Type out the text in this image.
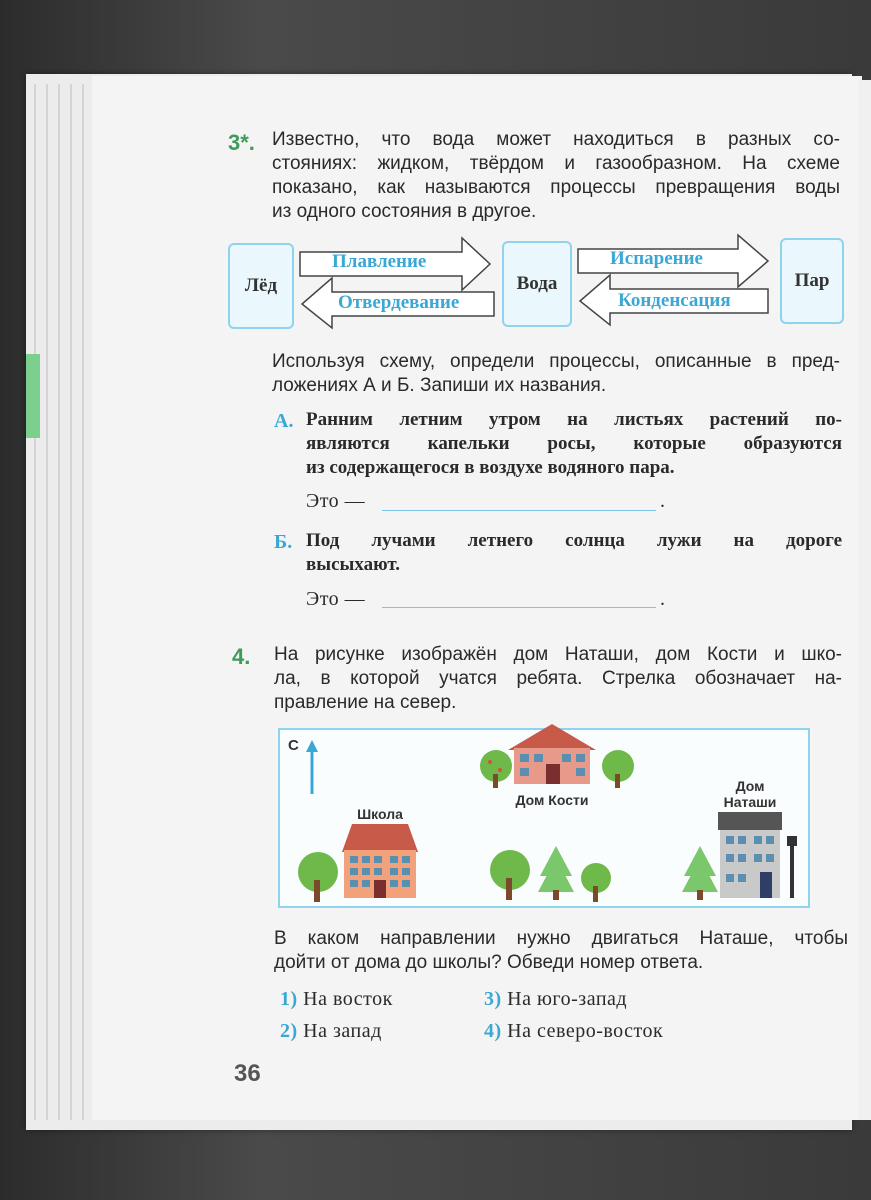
3*. Известно, что вода может находиться в разных со-
стояниях: жидком, твёрдом и газообразном. На схеме
показано, как называются процессы превращения воды
из одного состояния в другое.
Лёд	Вода	Пар
Плавление
Отвердевание
Испарение
Конденсация
Используя схему, определи процессы, описанные в пред-
ложениях А и Б. Запиши их названия.
А. Ранним летним утром на листьях растений по-
являются капельки росы, которые образуются
из содержащегося в воздухе водяного пара.
Это —	.
Б. Под лучами летнего солнца лужи на дороге
высыхают.
Это —	.
4. На рисунке изображён дом Наташи, дом Кости и шко-
ла, в которой учатся ребята. Стрелка обозначает на-
правление на север.
С
Школа
Дом Кости
Дом
Наташи
В каком направлении нужно двигаться Наташе, чтобы
дойти от дома до школы? Обведи номер ответа.
1) На восток
2) На запад
3) На юго-запад
4) На северо-восток
36
